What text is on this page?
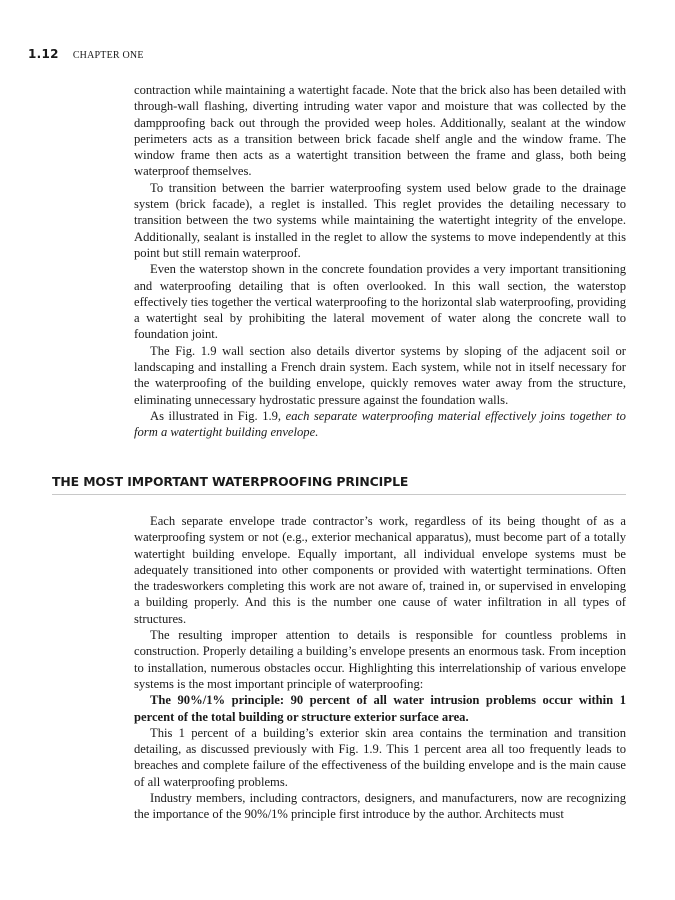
1.12 CHAPTER ONE

contraction while maintaining a watertight facade. Note that the brick also has been detailed with through-wall flashing, diverting intruding water vapor and moisture that was collected by the dampproofing back out through the provided weep holes. Additionally, sealant at the window perimeters acts as a transition between brick facade shelf angle and the window frame. The window frame then acts as a watertight transition between the frame and glass, both being waterproof themselves.

To transition between the barrier waterproofing system used below grade to the drainage system (brick facade), a reglet is installed. This reglet provides the detailing necessary to transition between the two systems while maintaining the watertight integrity of the envelope. Additionally, sealant is installed in the reglet to allow the systems to move independently at this point but still remain waterproof.

Even the waterstop shown in the concrete foundation provides a very important transitioning and waterproofing detailing that is often overlooked. In this wall section, the waterstop effectively ties together the vertical waterproofing to the horizontal slab waterproofing, providing a watertight seal by prohibiting the lateral movement of water along the concrete wall to foundation joint.

The Fig. 1.9 wall section also details divertor systems by sloping of the adjacent soil or landscaping and installing a French drain system. Each system, while not in itself necessary for the waterproofing of the building envelope, quickly removes water away from the structure, eliminating unnecessary hydrostatic pressure against the foundation walls.

As illustrated in Fig. 1.9, each separate waterproofing material effectively joins together to form a watertight building envelope.

THE MOST IMPORTANT WATERPROOFING PRINCIPLE

Each separate envelope trade contractor’s work, regardless of its being thought of as a waterproofing system or not (e.g., exterior mechanical apparatus), must become part of a totally watertight building envelope. Equally important, all individual envelope systems must be adequately transitioned into other components or provided with watertight terminations. Often the tradesworkers completing this work are not aware of, trained in, or supervised in enveloping a building properly. And this is the number one cause of water infiltration in all types of structures.

The resulting improper attention to details is responsible for countless problems in construction. Properly detailing a building’s envelope presents an enormous task. From inception to installation, numerous obstacles occur. Highlighting this interrelationship of various envelope systems is the most important principle of waterproofing:

The 90%/1% principle: 90 percent of all water intrusion problems occur within 1 percent of the total building or structure exterior surface area.

This 1 percent of a building’s exterior skin area contains the termination and transition detailing, as discussed previously with Fig. 1.9. This 1 percent area all too frequently leads to breaches and complete failure of the effectiveness of the building envelope and is the main cause of all waterproofing problems.

Industry members, including contractors, designers, and manufacturers, now are recognizing the importance of the 90%/1% principle first introduce by the author. Architects must
